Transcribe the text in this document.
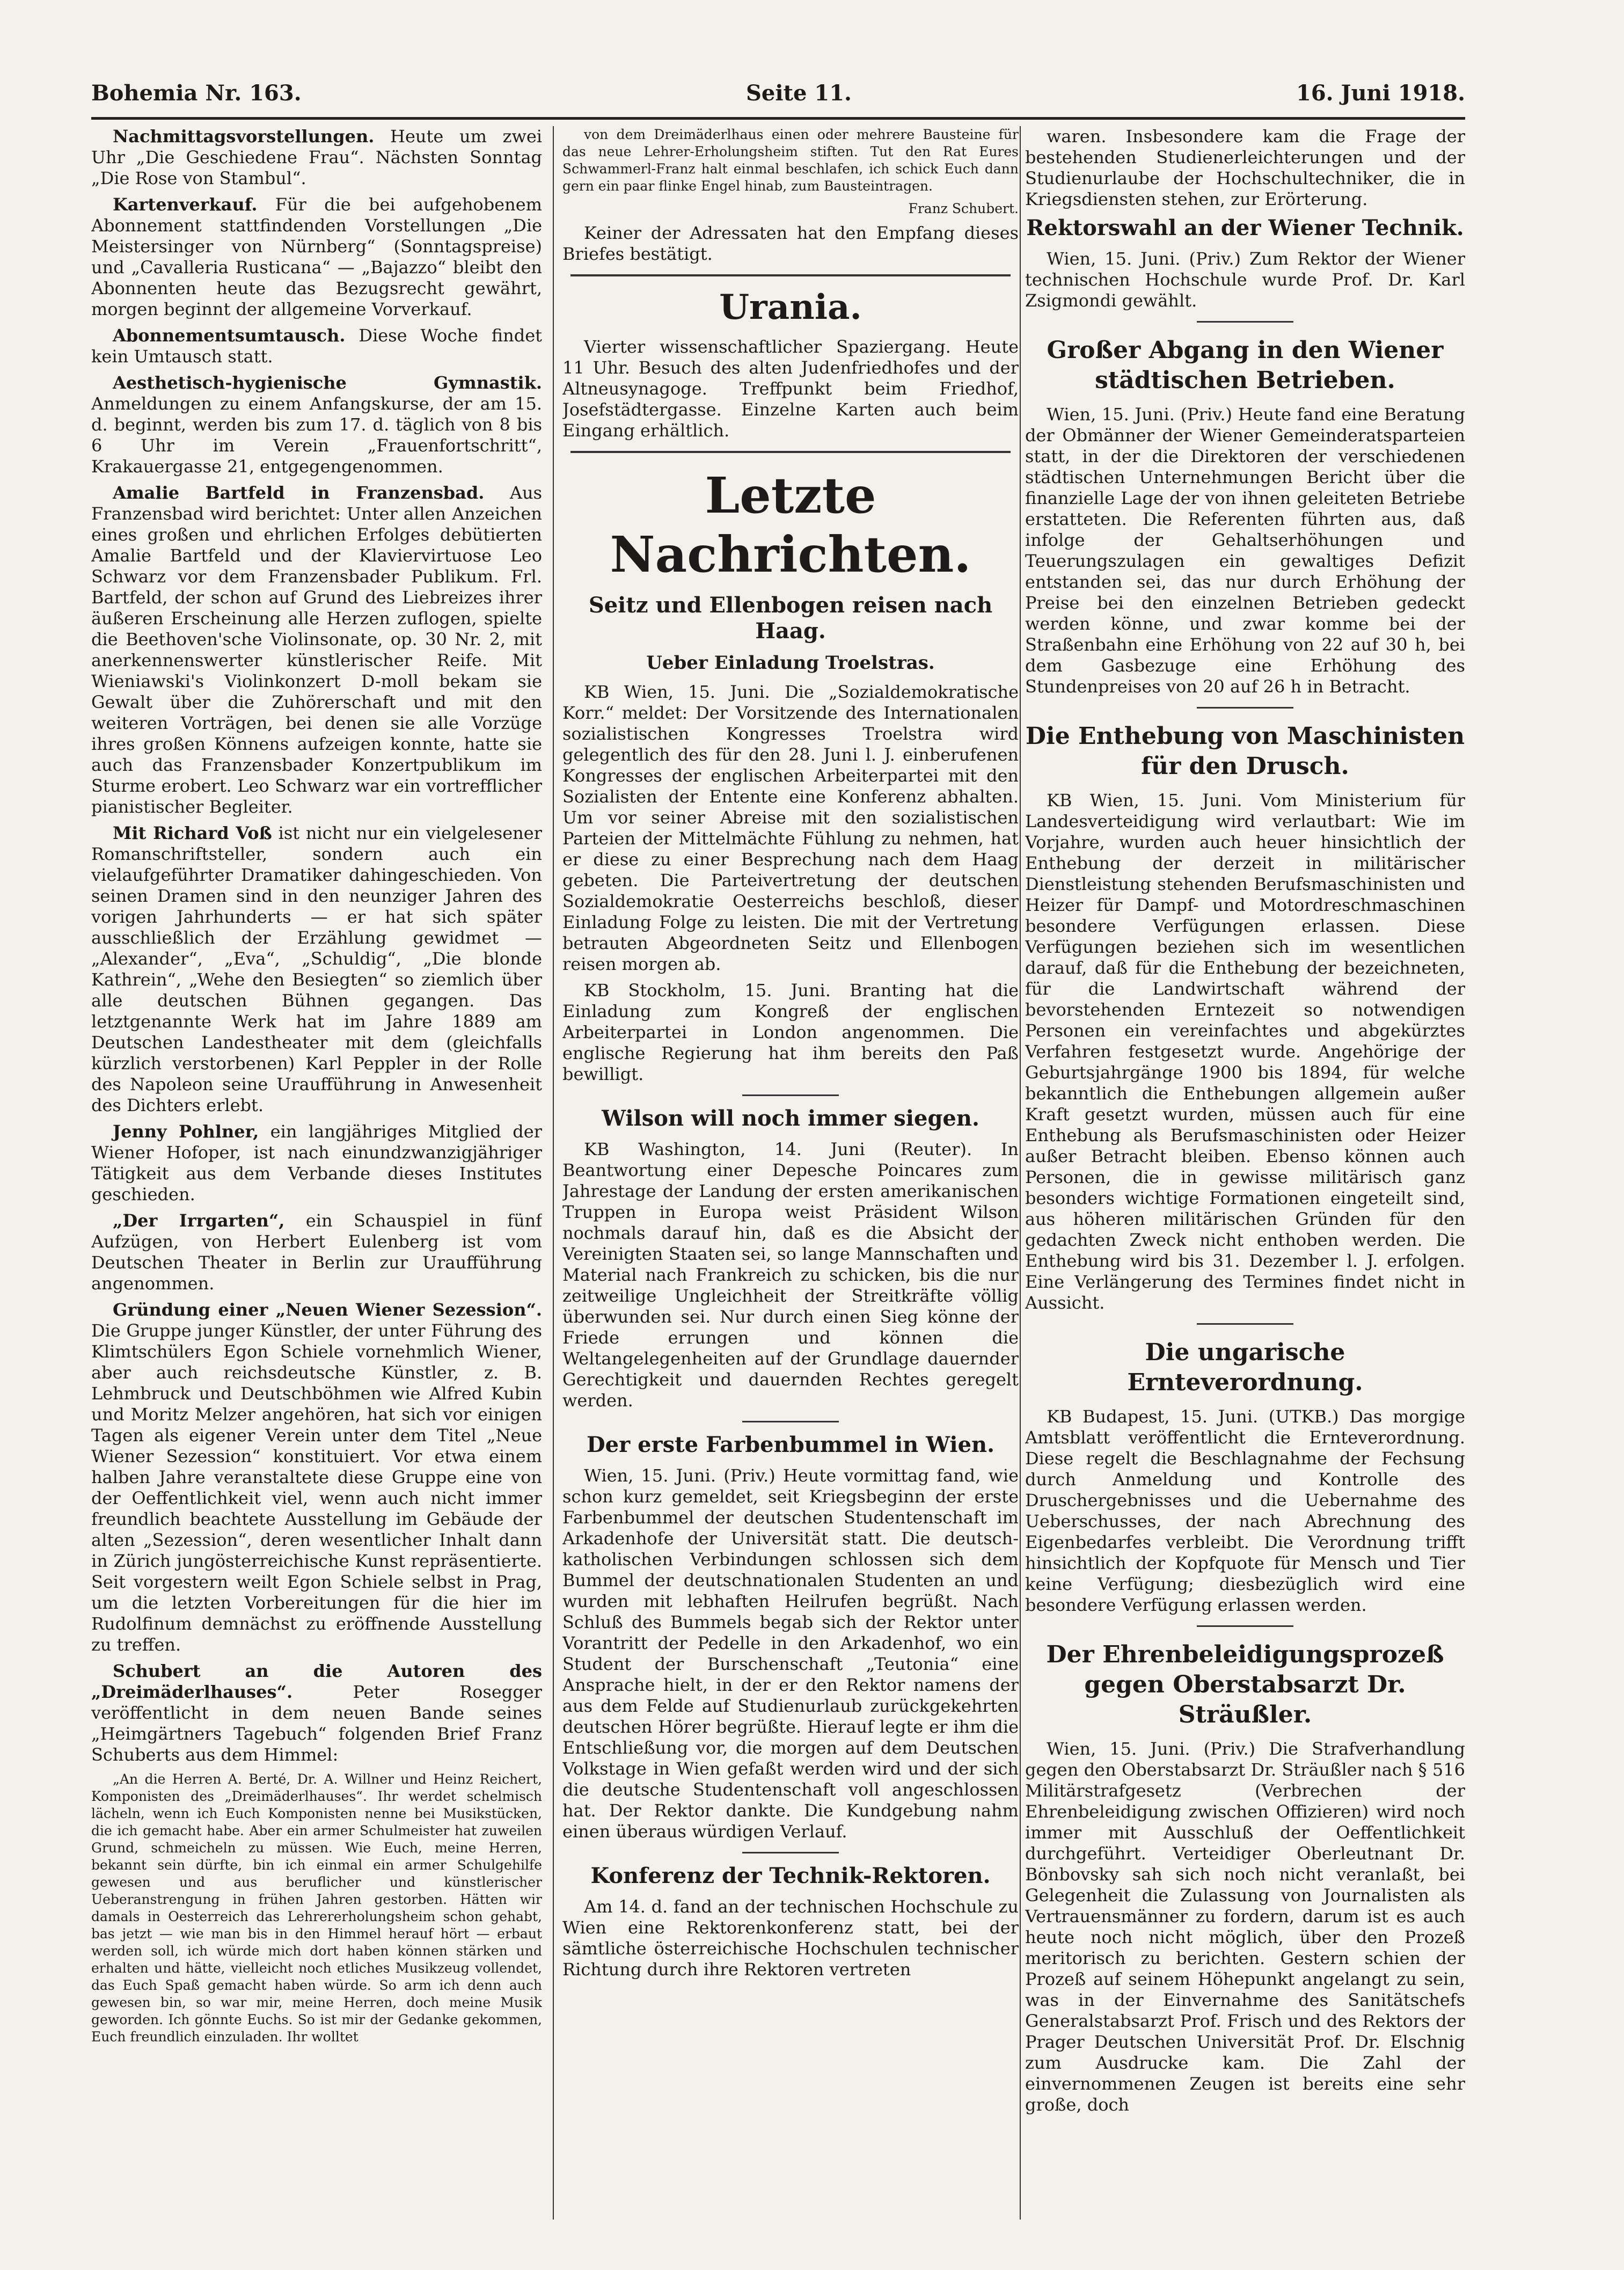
Bohemia Nr. 163.	Seite 11.	16. Juni 1918.

Nachmittagsvorstellungen. Heute um zwei Uhr „Die Geschiedene Frau“. Nächsten Sonntag „Die Rose von Stambul“.

Kartenverkauf. Für die bei aufgehobenem Abonnement stattfindenden Vorstellungen „Die Meistersinger von Nürnberg“ (Sonntagspreise) und „Cavalleria Rusticana“ — „Bajazzo“ bleibt den Abonnenten heute das Bezugsrecht gewährt, morgen beginnt der allgemeine Vorverkauf.

Abonnementsumtausch. Diese Woche findet kein Umtausch statt.

Aesthetisch-hygienische Gymnastik. Anmeldungen zu einem Anfangskurse, der am 15. d. beginnt, werden bis zum 17. d. täglich von 8 bis 6 Uhr im Verein „Frauenfortschritt“, Krakauergasse 21, entgegengenommen.

Amalie Bartfeld in Franzensbad. Aus Franzensbad wird berichtet: Unter allen Anzeichen eines großen und ehrlichen Erfolges debütierten Amalie Bartfeld und der Klaviervirtuose Leo Schwarz vor dem Franzensbader Publikum. Frl. Bartfeld, der schon auf Grund des Liebreizes ihrer äußeren Erscheinung alle Herzen zuflogen, spielte die Beethoven'sche Violinsonate, op. 30 Nr. 2, mit anerkennenswerter künstlerischer Reife. Mit Wieniawski's Violinkonzert D-moll bekam sie Gewalt über die Zuhörerschaft und mit den weiteren Vorträgen, bei denen sie alle Vorzüge ihres großen Könnens aufzeigen konnte, hatte sie auch das Franzensbader Konzertpublikum im Sturme erobert. Leo Schwarz war ein vortrefflicher pianistischer Begleiter.

Mit Richard Voß ist nicht nur ein vielgelesener Romanschriftsteller, sondern auch ein vielaufgeführter Dramatiker dahingeschieden. Von seinen Dramen sind in den neunziger Jahren des vorigen Jahrhunderts — er hat sich später ausschließlich der Erzählung gewidmet — „Alexander“, „Eva“, „Schuldig“, „Die blonde Kathrein“, „Wehe den Besiegten“ so ziemlich über alle deutschen Bühnen gegangen. Das letztgenannte Werk hat im Jahre 1889 am Deutschen Landestheater mit dem (gleichfalls kürzlich verstorbenen) Karl Peppler in der Rolle des Napoleon seine Uraufführung in Anwesenheit des Dichters erlebt.

Jenny Pohlner, ein langjähriges Mitglied der Wiener Hofoper, ist nach einundzwanzigjähriger Tätigkeit aus dem Verbande dieses Institutes geschieden.

„Der Irrgarten“, ein Schauspiel in fünf Aufzügen, von Herbert Eulenberg ist vom Deutschen Theater in Berlin zur Uraufführung angenommen.

Gründung einer „Neuen Wiener Sezession“. Die Gruppe junger Künstler, der unter Führung des Klimtschülers Egon Schiele vornehmlich Wiener, aber auch reichsdeutsche Künstler, z. B. Lehmbruck und Deutschböhmen wie Alfred Kubin und Moritz Melzer angehören, hat sich vor einigen Tagen als eigener Verein unter dem Titel „Neue Wiener Sezession“ konstituiert. Vor etwa einem halben Jahre veranstaltete diese Gruppe eine von der Oeffentlichkeit viel, wenn auch nicht immer freundlich beachtete Ausstellung im Gebäude der alten „Sezession“, deren wesentlicher Inhalt dann in Zürich jungösterreichische Kunst repräsentierte. Seit vorgestern weilt Egon Schiele selbst in Prag, um die letzten Vorbereitungen für die hier im Rudolfinum demnächst zu eröffnende Ausstellung zu treffen.

Schubert an die Autoren des „Dreimäderlhauses“.	Peter Rosegger veröffentlicht in dem neuen Bande seines „Heimgärtners Tagebuch“ folgenden Brief Franz Schuberts aus dem Himmel:

„An die Herren A. Berté, Dr. A. Willner und Heinz Reichert, Komponisten des „Dreimäderlhauses“. Ihr werdet schelmisch lächeln, wenn ich Euch Komponisten nenne bei Musikstücken, die ich gemacht habe. Aber ein armer Schulmeister hat zuweilen Grund, schmeicheln zu müssen. Wie Euch, meine Herren, bekannt sein dürfte, bin ich einmal ein armer Schulgehilfe gewesen und aus beruflicher und künstlerischer Ueberanstrengung in frühen Jahren gestorben. Hätten wir damals in Oesterreich das Lehrererholungsheim schon gehabt, bas jetzt — wie man bis in den Himmel herauf hört — erbaut werden soll, ich würde mich dort haben können stärken und erhalten und hätte, vielleicht noch etliches Musikzeug vollendet, das Euch Spaß gemacht haben würde. So arm ich denn auch gewesen bin, so war mir, meine Herren, doch meine Musik geworden. Ich gönnte Euchs. So ist mir der Gedanke gekommen, Euch freundlich einzuladen. Ihr wolltet

von dem Dreimäderlhaus einen oder mehrere Bausteine für das neue Lehrer-Erholungsheim stiften. Tut den Rat Eures Schwammerl-Franz halt einmal beschlafen, ich schick Euch dann gern ein paar flinke Engel hinab, zum Bausteintragen.

Franz Schubert.

Keiner der Adressaten hat den Empfang dieses Briefes bestätigt.

Urania.

Vierter wissenschaftlicher Spaziergang. Heute 11 Uhr. Besuch des alten Judenfriedhofes und der Altneusynagoge. Treffpunkt beim Friedhof, Josefstädtergasse. Einzelne Karten auch beim Eingang erhältlich.

Letzte Nachrichten.
Seitz und Ellenbogen reisen nach Haag.
Ueber Einladung Troelstras.

KB Wien, 15. Juni. Die „Sozialdemokratische Korr.“ meldet: Der Vorsitzende des Internationalen sozialistischen Kongresses Troelstra wird gelegentlich des für den 28. Juni l. J. einberufenen Kongresses der englischen Arbeiterpartei mit den Sozialisten der Entente eine Konferenz abhalten. Um vor seiner Abreise mit den sozialistischen Parteien der Mittelmächte Fühlung zu nehmen, hat er diese zu einer Besprechung nach dem Haag gebeten. Die Parteivertretung der deutschen Sozialdemokratie Oesterreichs beschloß, dieser Einladung Folge zu leisten. Die mit der Vertretung betrauten Abgeordneten Seitz und Ellenbogen reisen morgen ab.

KB Stockholm, 15. Juni. Branting hat die Einladung zum Kongreß der englischen Arbeiterpartei in London angenommen. Die englische Regierung hat ihm bereits den Paß bewilligt.

Wilson will noch immer siegen.

KB Washington, 14. Juni (Reuter). In Beantwortung einer Depesche Poincares zum Jahrestage der Landung der ersten amerikanischen Truppen in Europa weist Präsident Wilson nochmals darauf hin, daß es die Absicht der Vereinigten Staaten sei, so lange Mannschaften und Material nach Frankreich zu schicken, bis die nur zeitweilige Ungleichheit der Streitkräfte völlig überwunden sei. Nur durch einen Sieg könne der Friede errungen und können die Weltangelegenheiten auf der Grundlage dauernder Gerechtigkeit und dauernden Rechtes geregelt werden.

Der erste Farbenbummel in Wien.

Wien, 15. Juni. (Priv.) Heute vormittag fand, wie schon kurz gemeldet, seit Kriegsbeginn der erste Farbenbummel der deutschen Studentenschaft im Arkadenhofe der Universität statt. Die deutsch-katholischen Verbindungen schlossen sich dem Bummel der deutschnationalen Studenten an und wurden mit lebhaften Heilrufen begrüßt. Nach Schluß des Bummels begab sich der Rektor unter Vorantritt der Pedelle in den Arkadenhof, wo ein Student der Burschenschaft „Teutonia“ eine Ansprache hielt, in der er den Rektor namens der aus dem Felde auf Studienurlaub zurückgekehrten deutschen Hörer begrüßte. Hierauf legte er ihm die Entschließung vor, die morgen auf dem Deutschen Volkstage in Wien gefaßt werden wird und der sich die deutsche Studentenschaft voll angeschlossen hat. Der Rektor dankte. Die Kundgebung nahm einen überaus würdigen Verlauf.

Konferenz der Technik-Rektoren.

Am 14. d. fand an der technischen Hochschule zu Wien eine Rektorenkonferenz statt, bei der sämtliche österreichische Hochschulen technischer Richtung durch ihre Rektoren vertreten

waren. Insbesondere kam die Frage der bestehenden Studienerleichterungen und der Studienurlaube der Hochschultechniker, die in Kriegsdiensten stehen, zur Erörterung.

Rektorswahl an der Wiener Technik.

Wien, 15. Juni. (Priv.) Zum Rektor der Wiener technischen Hochschule wurde Prof. Dr. Karl Zsigmondi gewählt.

Großer Abgang in den Wiener städtischen Betrieben.

Wien, 15. Juni. (Priv.) Heute fand eine Beratung der Obmänner der Wiener Gemeinderatsparteien statt, in der die Direktoren der verschiedenen städtischen Unternehmungen Bericht über die finanzielle Lage der von ihnen geleiteten Betriebe erstatteten. Die Referenten führten aus, daß infolge der Gehaltserhöhungen und Teuerungszulagen ein gewaltiges Defizit entstanden sei, das nur durch Erhöhung der Preise bei den einzelnen Betrieben gedeckt werden könne, und zwar komme bei der Straßenbahn eine Erhöhung von 22 auf 30 h, bei dem Gasbezuge eine Erhöhung des Stundenpreises von 20 auf 26 h in Betracht.

Die Enthebung von Maschinisten für den Drusch.

KB Wien, 15. Juni. Vom Ministerium für Landesverteidigung wird verlautbart: Wie im Vorjahre, wurden auch heuer hinsichtlich der Enthebung der derzeit in militärischer Dienstleistung stehenden Berufsmaschinisten und Heizer für Dampf- und Motordreschmaschinen besondere Verfügungen erlassen. Diese Verfügungen beziehen sich im wesentlichen darauf, daß für die Enthebung der bezeichneten, für die Landwirtschaft während der bevorstehenden Erntezeit so notwendigen Personen ein vereinfachtes und abgekürztes Verfahren festgesetzt wurde. Angehörige der Geburtsjahrgänge 1900 bis 1894, für welche bekanntlich die Enthebungen allgemein außer Kraft gesetzt wurden, müssen auch für eine Enthebung als Berufsmaschinisten oder Heizer außer Betracht bleiben. Ebenso können auch Personen, die in gewisse militärisch ganz besonders wichtige Formationen eingeteilt sind, aus höheren militärischen Gründen für den gedachten Zweck nicht enthoben werden. Die Enthebung wird bis 31. Dezember l. J. erfolgen. Eine Verlängerung des Termines findet nicht in Aussicht.

Die ungarische Ernteverordnung.

KB Budapest, 15. Juni. (UTKB.) Das morgige Amtsblatt veröffentlicht die Ernteverordnung. Diese regelt die Beschlagnahme der Fechsung durch Anmeldung und Kontrolle des Druschergebnisses und die Uebernahme des Ueberschusses, der nach Abrechnung des Eigenbedarfes verbleibt. Die Verordnung trifft hinsichtlich der Kopfquote für Mensch und Tier keine Verfügung; diesbezüglich wird eine besondere Verfügung erlassen werden.

Der Ehrenbeleidigungsprozeß gegen Oberstabsarzt Dr. Sträußler.

Wien, 15. Juni. (Priv.) Die Strafverhandlung gegen den Oberstabsarzt Dr. Sträußler nach § 516 Militärstrafgesetz (Verbrechen der Ehrenbeleidigung zwischen Offizieren) wird noch immer mit Ausschluß der Oeffentlichkeit durchgeführt. Verteidiger Oberleutnant Dr. Bönbovsky sah sich noch nicht veranlaßt, bei Gelegenheit die Zulassung von Journalisten als Vertrauensmänner zu fordern, darum ist es auch heute noch nicht möglich, über den Prozeß meritorisch zu berichten. Gestern schien der Prozeß auf seinem Höhepunkt angelangt zu sein, was in der Einvernahme des Sanitätschefs Generalstabsarzt Prof. Frisch und des Rektors der Prager Deutschen Universität Prof. Dr. Elschnig zum Ausdrucke kam. Die Zahl der einvernommenen Zeugen ist bereits eine sehr große, doch
